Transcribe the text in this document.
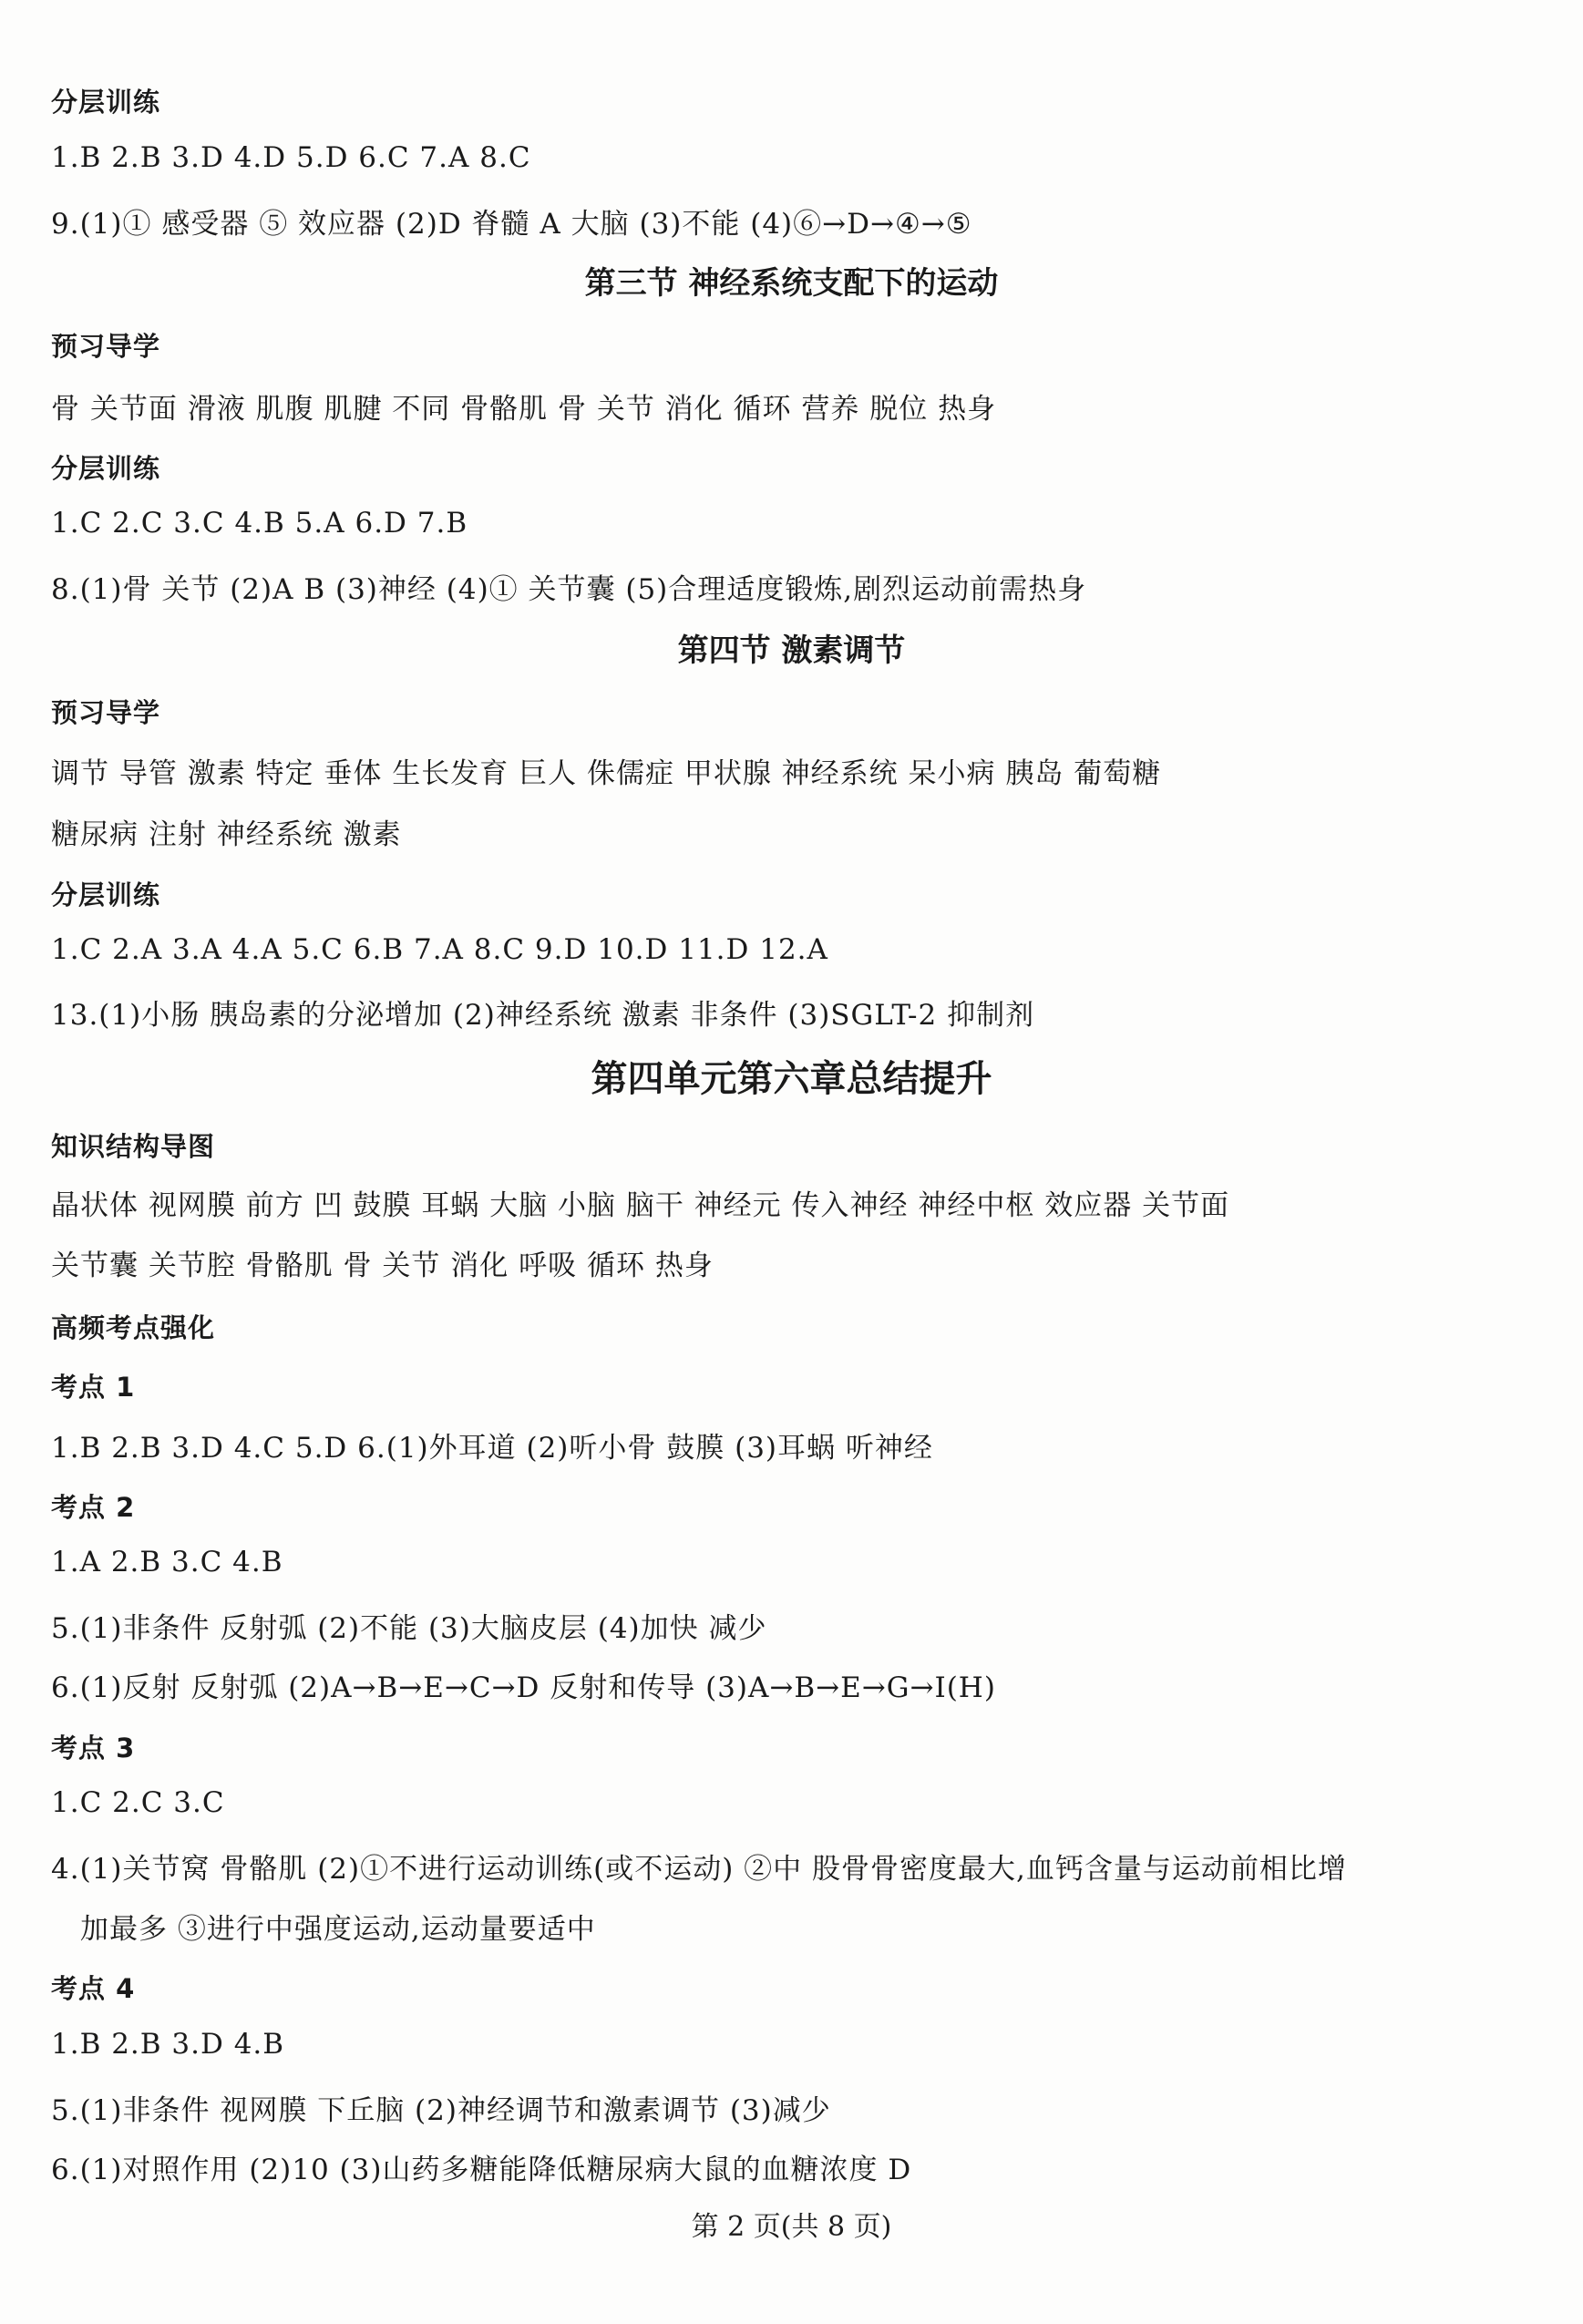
分层训练
1.B 2.B 3.D 4.D 5.D 6.C 7.A 8.C
9.(1)① 感受器 ⑤ 效应器 (2)D 脊髓 A 大脑 (3)不能 (4)⑥→D→④→⑤
第三节 神经系统支配下的运动
预习导学
骨 关节面 滑液 肌腹 肌腱 不同 骨骼肌 骨 关节 消化 循环 营养 脱位 热身
分层训练
1.C 2.C 3.C 4.B 5.A 6.D 7.B
8.(1)骨 关节 (2)A B (3)神经 (4)① 关节囊 (5)合理适度锻炼,剧烈运动前需热身
第四节 激素调节
预习导学
调节 导管 激素 特定 垂体 生长发育 巨人 侏儒症 甲状腺 神经系统 呆小病 胰岛 葡萄糖
糖尿病 注射 神经系统 激素
分层训练
1.C 2.A 3.A 4.A 5.C 6.B 7.A 8.C 9.D 10.D 11.D 12.A
13.(1)小肠 胰岛素的分泌增加 (2)神经系统 激素 非条件 (3)SGLT-2 抑制剂
第四单元第六章总结提升
知识结构导图
晶状体 视网膜 前方 凹 鼓膜 耳蜗 大脑 小脑 脑干 神经元 传入神经 神经中枢 效应器 关节面
关节囊 关节腔 骨骼肌 骨 关节 消化 呼吸 循环 热身
高频考点强化
考点 1
1.B 2.B 3.D 4.C 5.D 6.(1)外耳道 (2)听小骨 鼓膜 (3)耳蜗 听神经
考点 2
1.A 2.B 3.C 4.B
5.(1)非条件 反射弧 (2)不能 (3)大脑皮层 (4)加快 减少
6.(1)反射 反射弧 (2)A→B→E→C→D 反射和传导 (3)A→B→E→G→I(H)
考点 3
1.C 2.C 3.C
4.(1)关节窝 骨骼肌 (2)①不进行运动训练(或不运动) ②中 股骨骨密度最大,血钙含量与运动前相比增
加最多 ③进行中强度运动,运动量要适中
考点 4
1.B 2.B 3.D 4.B
5.(1)非条件 视网膜 下丘脑 (2)神经调节和激素调节 (3)减少
6.(1)对照作用 (2)10 (3)山药多糖能降低糖尿病大鼠的血糖浓度 D
第 2 页(共 8 页)
